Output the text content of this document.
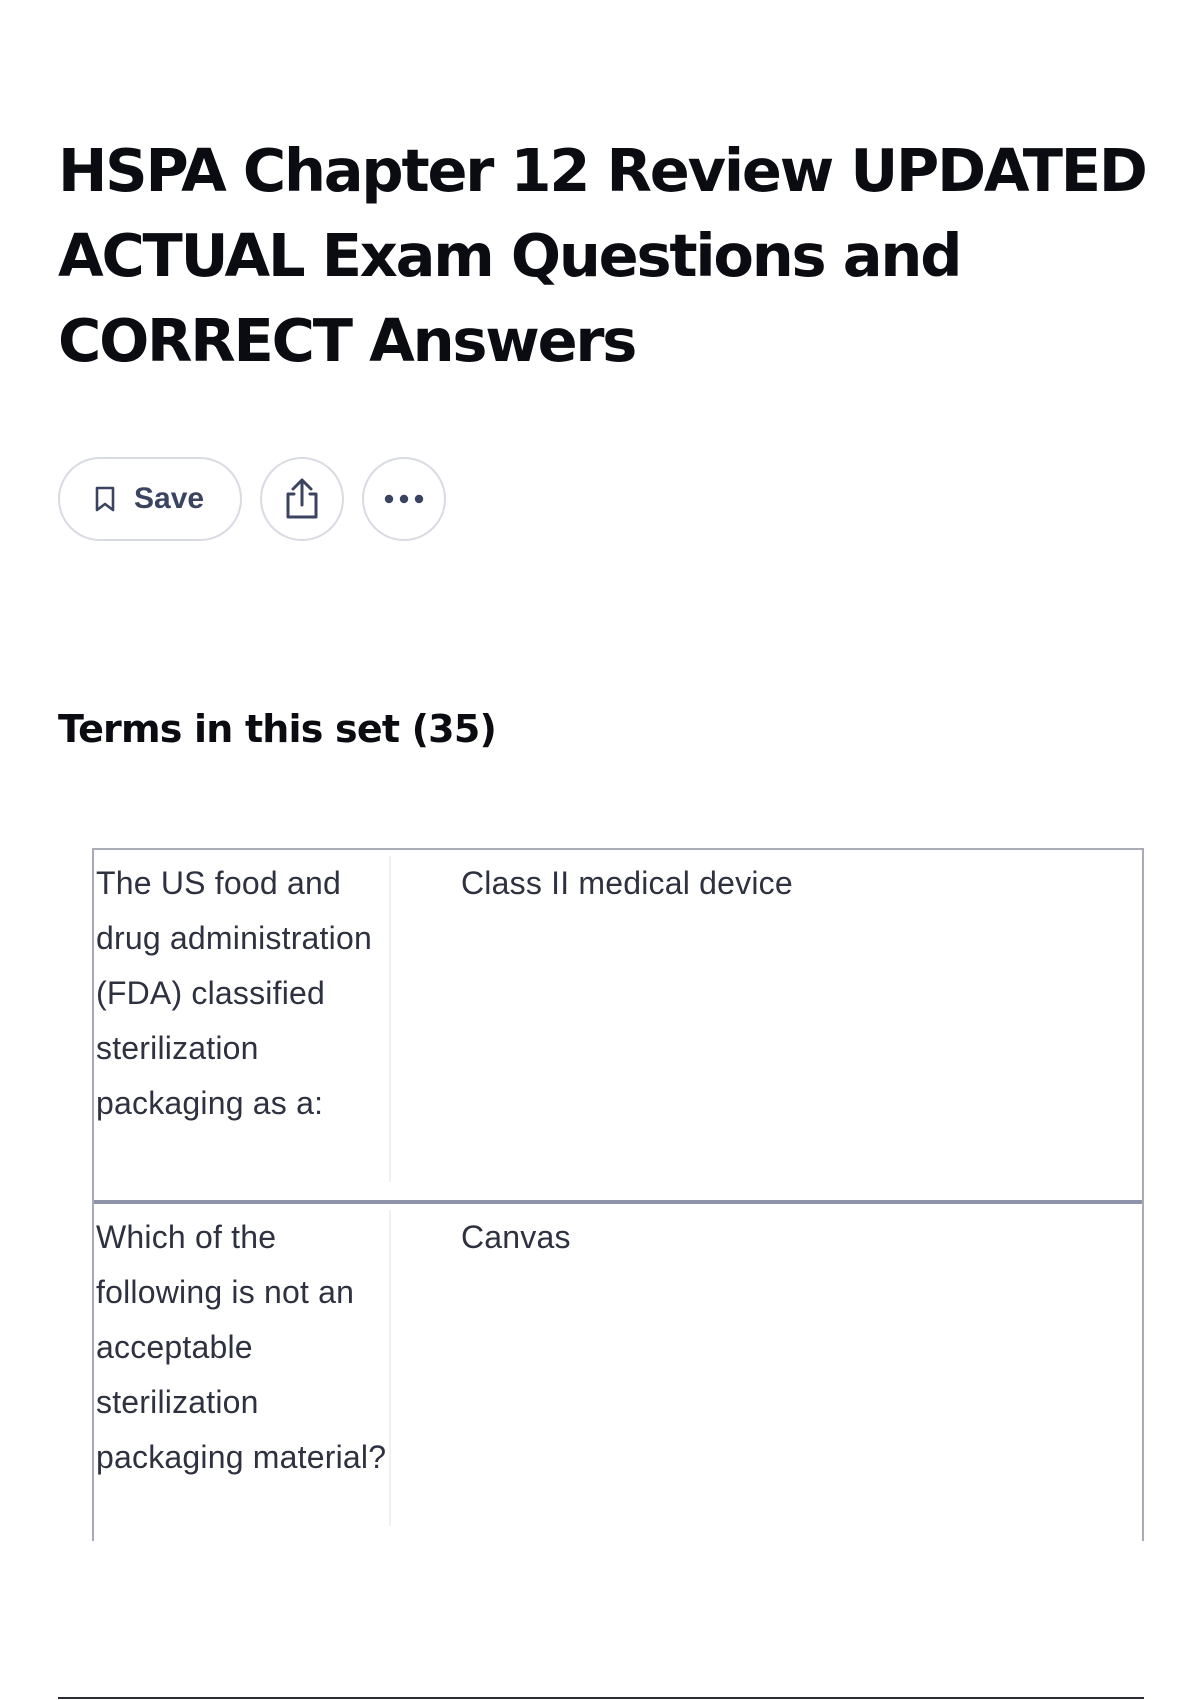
HSPA Chapter 12 Review UPDATED ACTUAL Exam Questions and CORRECT Answers
Save
Terms in this set (35)
The US food and drug administration (FDA) classified sterilization packaging as a:
Class II medical device
Which of the following is not an acceptable sterilization packaging material?
Canvas
